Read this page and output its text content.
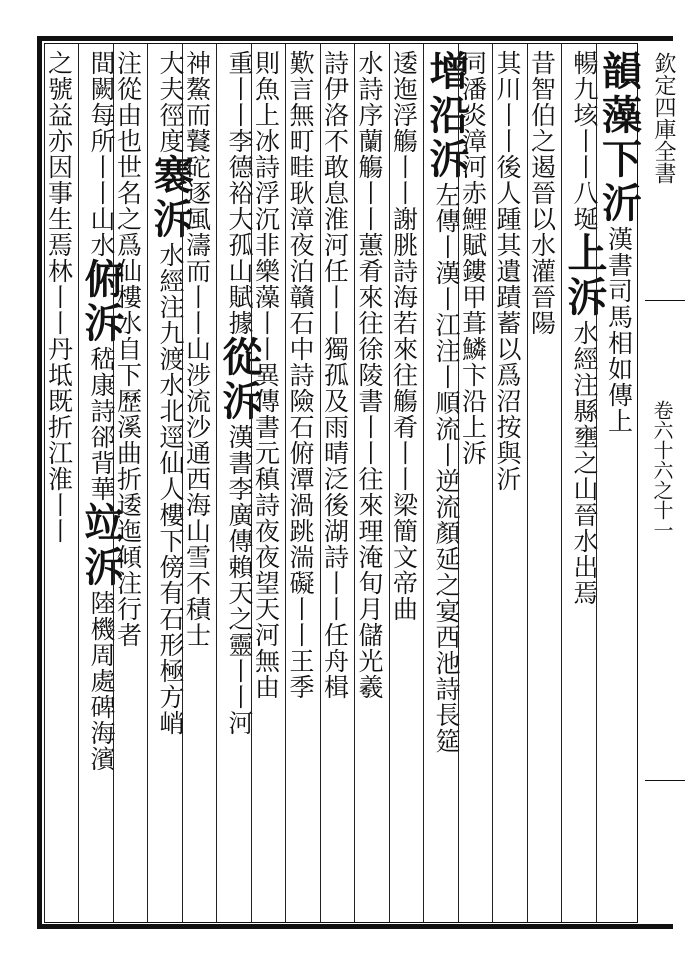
欽定四庫全書
卷六十六之十一
韻藻下沂漢書司馬相如傳上
暢九垓丨丨八埏上泝水經注縣壅之山晉水出焉
昔智伯之遏晉以水灌晉陽
其川丨丨後人踵其遺蹟蓄以爲沼按與沂
同潘炎漳河赤鯉賦鏤甲葺鱗卞沿上泝
增沿泝左傳丨漢丨江注丨順流丨逆流顏延之宴西池詩長筵
逶迤浮觴丨丨謝朓詩海若來往觴肴丨丨梁簡文帝曲
水詩序蘭觴丨丨蕙肴來往徐陵書丨丨往來理淹旬月儲光羲
詩伊洛不敢息淮河任丨丨獨孤及雨晴泛後湖詩丨丨任舟楫
歎言無町畦耿漳夜泊贛石中詩險石俯潭渦跳湍礙丨丨王季
則魚上冰詩浮沉非樂藻丨丨異傳書元稹詩夜夜望天河無由
重丨丨李德裕大孤山賦據從泝漢書李廣傳賴天之靈丨丨河
神鰲而鼚砣逐風濤而丨丨山涉流沙通西海山雪不積士
大夫徑度褰泝水經注九渡水北逕仙人樓下傍有石形極方峭
注從由也世名之爲仙樓水自下歷溪曲折逶迤傾注行者
間闕每所丨丨山水俯泝嵇康詩郤背華竝泝陸機周處碑海濱
之號益亦因事生焉林丨丨丹坻既折江淮丨丨
